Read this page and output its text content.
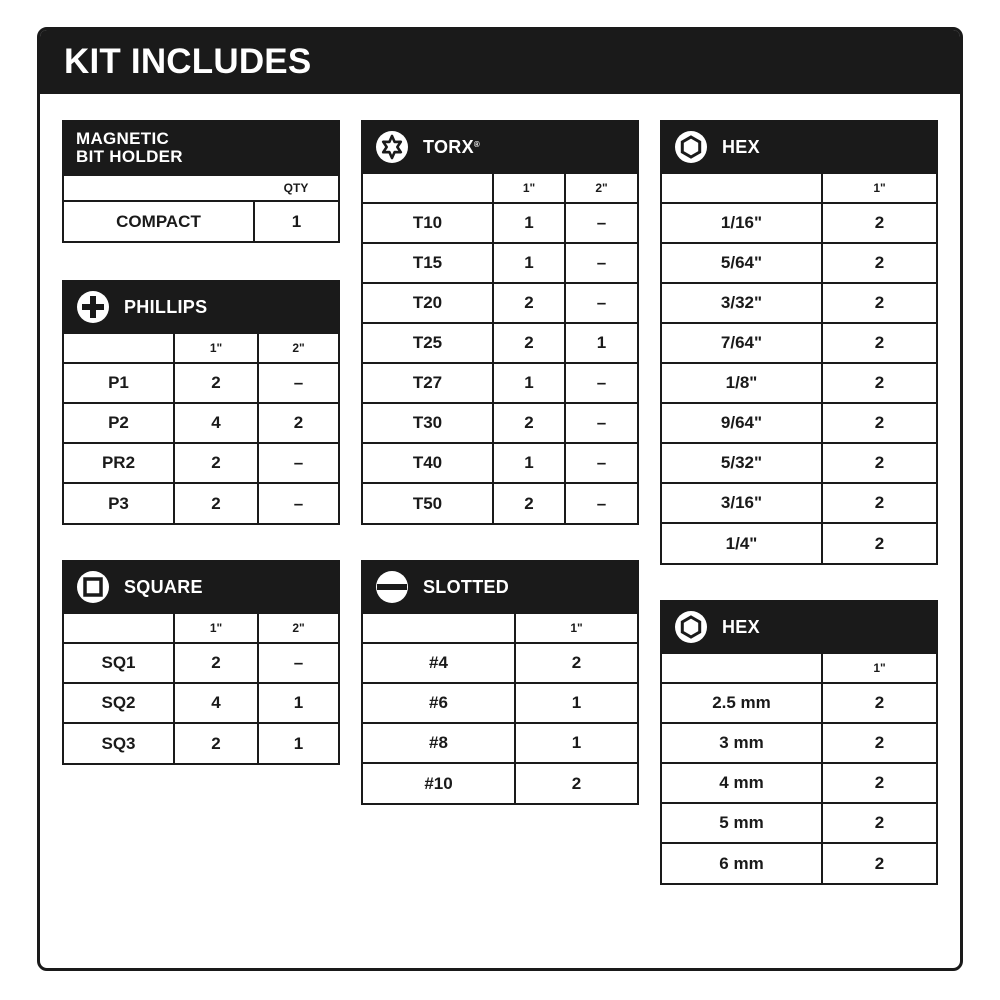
KIT INCLUDES
MAGNETIC
BIT HOLDER
	QTY
COMPACT	1
PHILLIPS
	1"	2"
P1	2	–
P2	4	2
PR2	2	–
P3	2	–
SQUARE
	1"	2"
SQ1	2	–
SQ2	4	1
SQ3	2	1
TORX®
	1"	2"
T10	1	–
T15	1	–
T20	2	–
T25	2	1
T27	1	–
T30	2	–
T40	1	–
T50	2	–
SLOTTED
	1"
#4	2
#6	1
#8	1
#10	2
HEX
	1"
1/16"	2
5/64"	2
3/32"	2
7/64"	2
1/8"	2
9/64"	2
5/32"	2
3/16"	2
1/4"	2
HEX
	1"
2.5 mm	2
3 mm	2
4 mm	2
5 mm	2
6 mm	2
